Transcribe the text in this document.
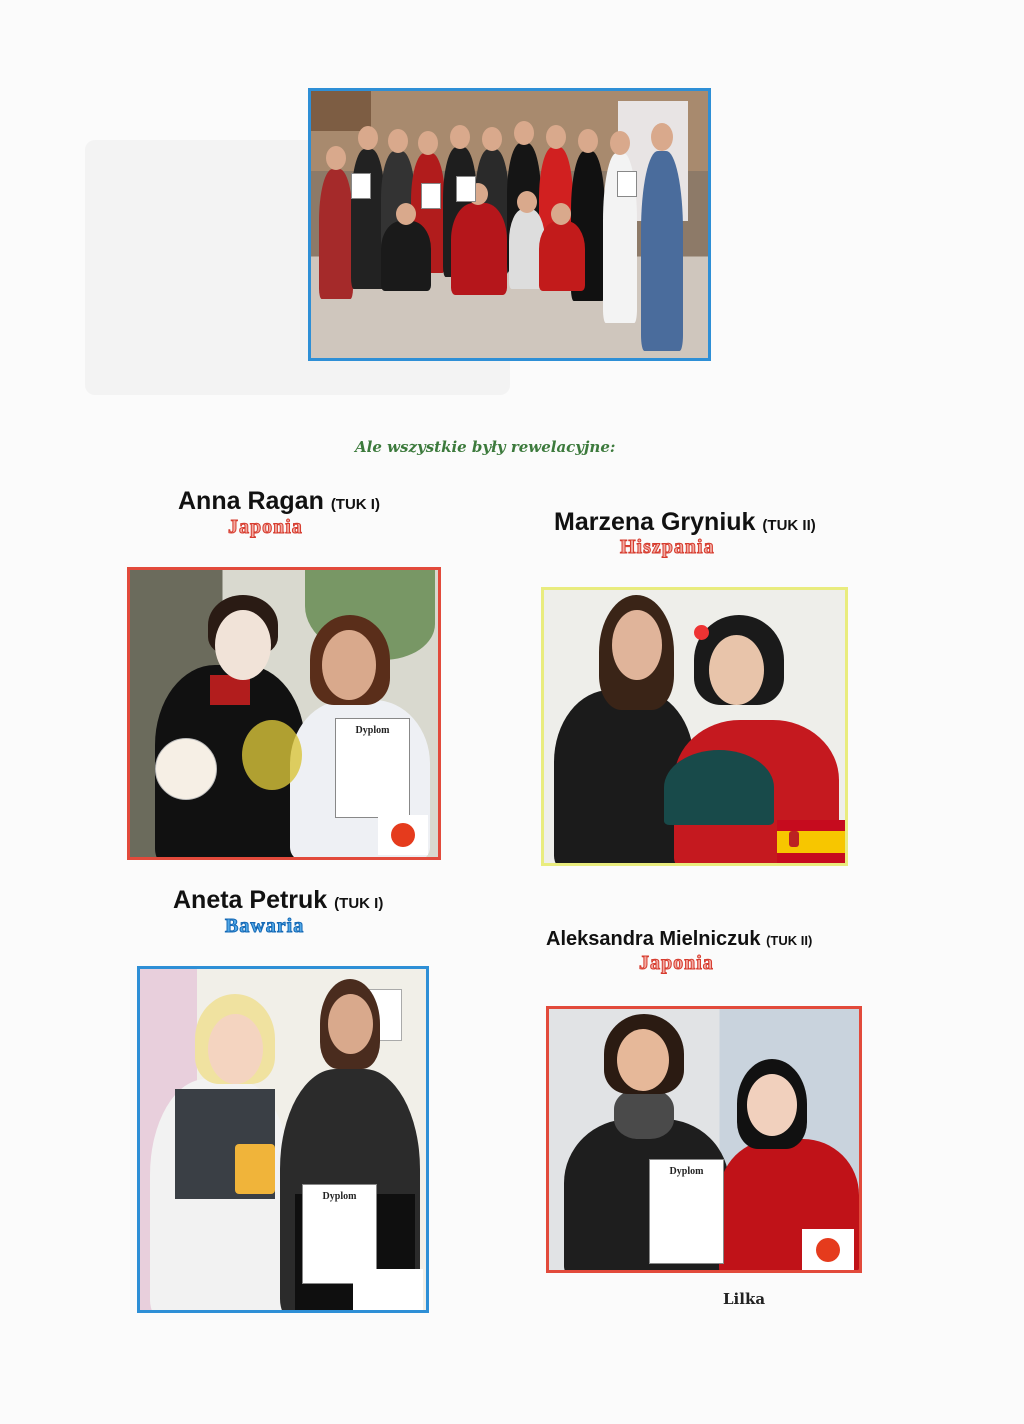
Ale wszystkie były rewelacyjne:
Anna Ragan (TUK I)
Japonia
Dyplom
Marzena Gryniuk (TUK II)
Hiszpania
Aneta Petruk (TUK I)
Bawaria
Dyplom
Aleksandra Mielniczuk (TUK II)
Japonia
Dyplom
Lilka
